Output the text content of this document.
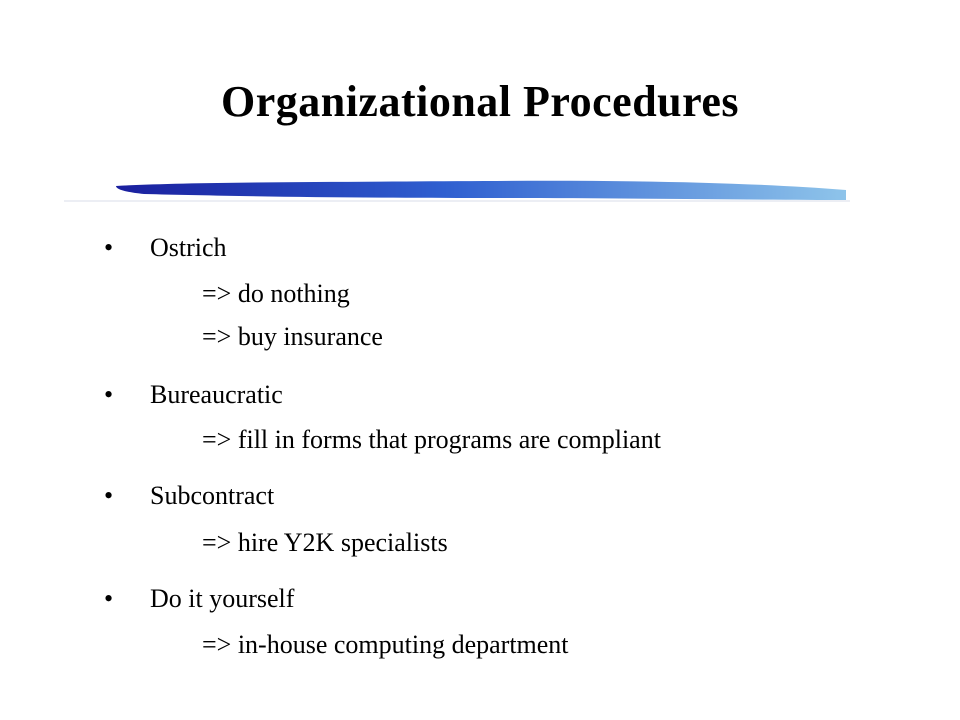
Organizational Procedures
• Ostrich
=> do nothing
=> buy insurance
• Bureaucratic
=> fill in forms that programs are compliant
• Subcontract
=> hire Y2K specialists
• Do it yourself
=> in-house computing department
